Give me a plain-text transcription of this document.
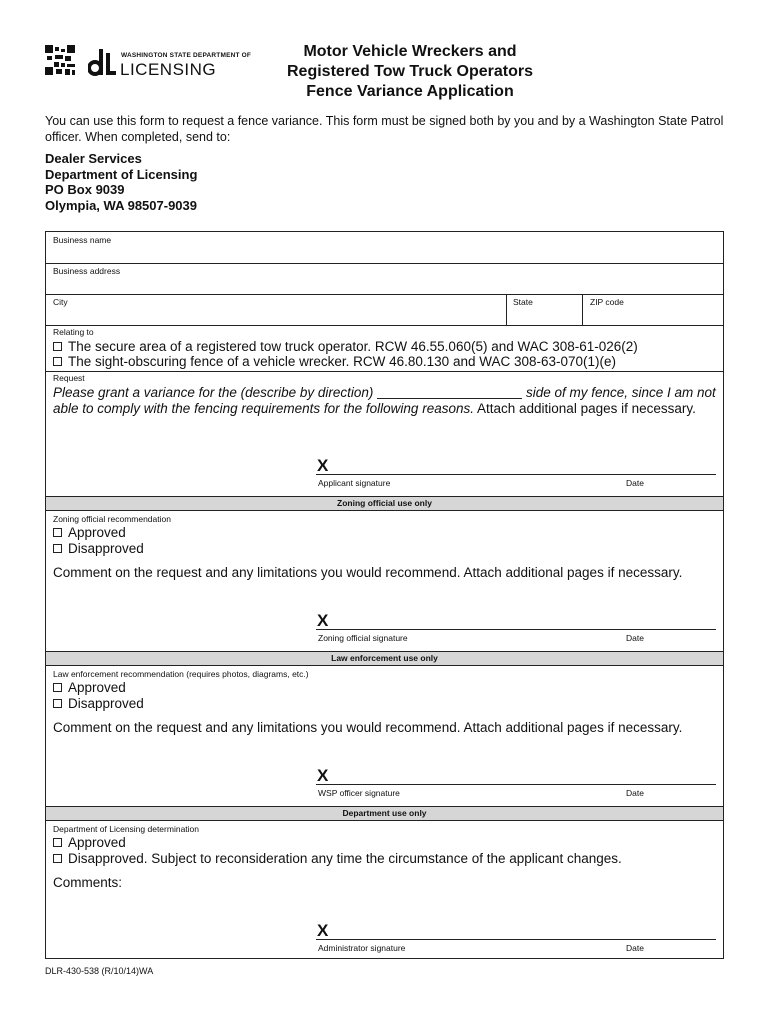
WASHINGTON STATE DEPARTMENT OF
LICENSING
Motor Vehicle Wreckers and
Registered Tow Truck Operators
Fence Variance Application
You can use this form to request a fence variance. This form must be signed both by you and by a Washington State Patrol officer. When completed, send to:
Dealer Services
Department of Licensing
PO Box 9039
Olympia, WA 98507-9039
Business name
Business address
City	State	ZIP code
Relating to
The secure area of a registered tow truck operator. RCW 46.55.060(5) and WAC 308-61-026(2)
The sight-obscuring fence of a vehicle wrecker. RCW 46.80.130 and WAC 308-63-070(1)(e)
Request
Please grant a variance for the (describe by direction)	side of my fence, since I am not
able to comply with the fencing requirements for the following reasons. Attach additional pages if necessary.
X
Applicant signature	Date
Zoning official use only
Zoning official recommendation
Approved
Disapproved
Comment on the request and any limitations you would recommend. Attach additional pages if necessary.
X
Zoning official signature	Date
Law enforcement use only
Law enforcement recommendation (requires photos, diagrams, etc.)
Approved
Disapproved
Comment on the request and any limitations you would recommend. Attach additional pages if necessary.
X
WSP officer signature	Date
Department use only
Department of Licensing determination
Approved
Disapproved. Subject to reconsideration any time the circumstance of the applicant changes.
Comments:
X
Administrator signature	Date
DLR-430-538 (R/10/14)WA
